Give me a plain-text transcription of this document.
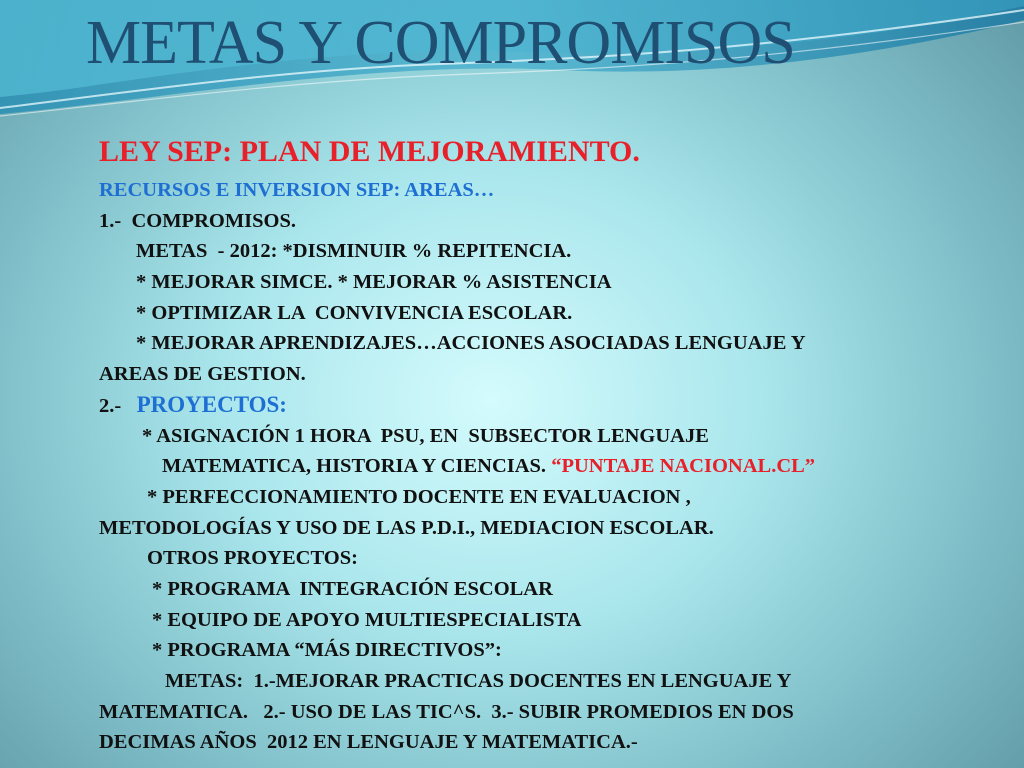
METAS Y COMPROMISOS
LEY SEP: PLAN DE MEJORAMIENTO.
RECURSOS E INVERSION SEP: AREAS…
1.- COMPROMISOS.
METAS  - 2012: *DISMINUIR % REPITENCIA.
* MEJORAR SIMCE. * MEJORAR % ASISTENCIA
* OPTIMIZAR LA  CONVIVENCIA ESCOLAR.
* MEJORAR APRENDIZAJES…ACCIONES ASOCIADAS LENGUAJE Y
AREAS DE GESTION.
2.- PROYECTOS:
* ASIGNACIÓN 1 HORA  PSU, EN  SUBSECTOR LENGUAJE
MATEMATICA, HISTORIA Y CIENCIAS. “PUNTAJE NACIONAL.CL”
* PERFECCIONAMIENTO DOCENTE EN EVALUACION ,
METODOLOGÍAS Y USO DE LAS P.D.I., MEDIACION ESCOLAR.
OTROS PROYECTOS:
* PROGRAMA  INTEGRACIÓN ESCOLAR
* EQUIPO DE APOYO MULTIESPECIALISTA
* PROGRAMA “MÁS DIRECTIVOS”:
METAS:  1.-MEJORAR PRACTICAS DOCENTES EN LENGUAJE Y
MATEMATICA.   2.- USO DE LAS TIC^S.  3.- SUBIR PROMEDIOS EN DOS
DECIMAS AÑOS  2012 EN LENGUAJE Y MATEMATICA.-
